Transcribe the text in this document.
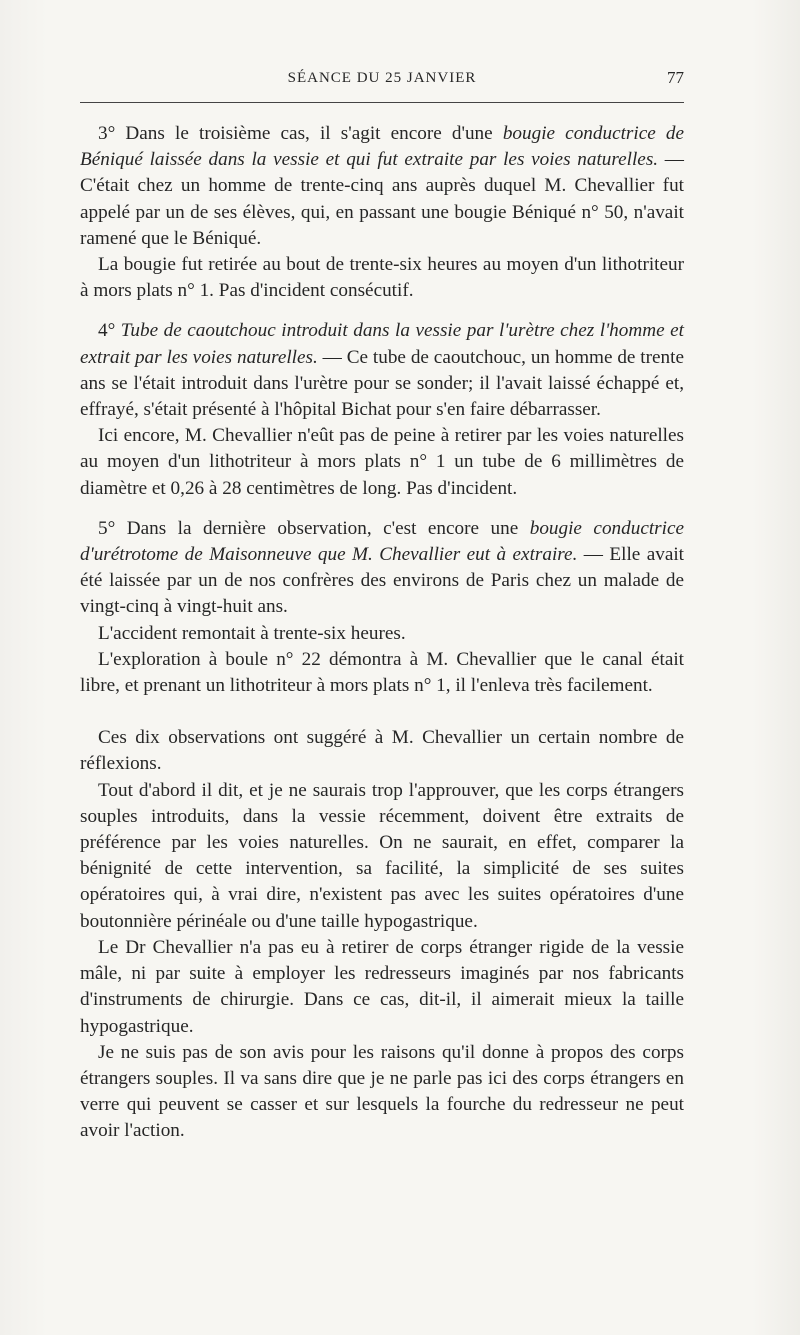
SÉANCE DU 25 JANVIER	77

3° Dans le troisième cas, il s'agit encore d'une bougie conductrice de Béniqué laissée dans la vessie et qui fut extraite par les voies naturelles. — C'était chez un homme de trente-cinq ans auprès duquel M. Chevallier fut appelé par un de ses élèves, qui, en passant une bougie Béniqué n° 50, n'avait ramené que le Béniqué.

La bougie fut retirée au bout de trente-six heures au moyen d'un lithotriteur à mors plats n° 1. Pas d'incident consécutif.

4° Tube de caoutchouc introduit dans la vessie par l'urètre chez l'homme et extrait par les voies naturelles. — Ce tube de caoutchouc, un homme de trente ans se l'était introduit dans l'urètre pour se sonder; il l'avait laissé échappé et, effrayé, s'était présenté à l'hôpital Bichat pour s'en faire débarrasser.

Ici encore, M. Chevallier n'eût pas de peine à retirer par les voies naturelles au moyen d'un lithotriteur à mors plats n° 1 un tube de 6 millimètres de diamètre et 0,26 à 28 centimètres de long. Pas d'incident.

5° Dans la dernière observation, c'est encore une bougie conductrice d'urétrotome de Maisonneuve que M. Chevallier eut à extraire. — Elle avait été laissée par un de nos confrères des environs de Paris chez un malade de vingt-cinq à vingt-huit ans.

L'accident remontait à trente-six heures.

L'exploration à boule n° 22 démontra à M. Chevallier que le canal était libre, et prenant un lithotriteur à mors plats n° 1, il l'enleva très facilement.

Ces dix observations ont suggéré à M. Chevallier un certain nombre de réflexions.

Tout d'abord il dit, et je ne saurais trop l'approuver, que les corps étrangers souples introduits, dans la vessie récemment, doivent être extraits de préférence par les voies naturelles. On ne saurait, en effet, comparer la bénignité de cette intervention, sa facilité, la simplicité de ses suites opératoires qui, à vrai dire, n'existent pas avec les suites opératoires d'une boutonnière périnéale ou d'une taille hypogastrique.

Le Dr Chevallier n'a pas eu à retirer de corps étranger rigide de la vessie mâle, ni par suite à employer les redresseurs imaginés par nos fabricants d'instruments de chirurgie. Dans ce cas, dit-il, il aimerait mieux la taille hypogastrique.

Je ne suis pas de son avis pour les raisons qu'il donne à propos des corps étrangers souples. Il va sans dire que je ne parle pas ici des corps étrangers en verre qui peuvent se casser et sur lesquels la fourche du redresseur ne peut avoir l'action.
